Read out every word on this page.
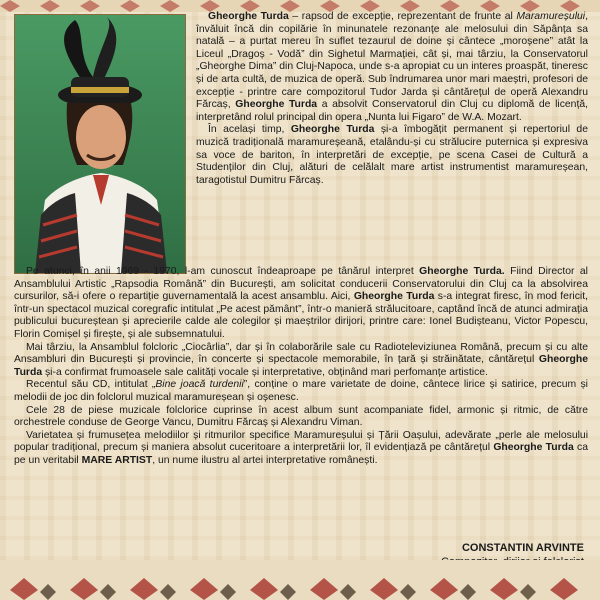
Gheorghe Turda – rapsod de excepție, reprezentant de frunte al Maramureșului, învăluit încă din copilărie în minunatele rezonanțe ale melosului din Săpânța sa natală – a purtat mereu în suflet tezaurul de doine și cântece „moroșene” atât la Liceul „Dragoș - Vodă” din Sighetul Marmației, cât și, mai târziu, la Conservatorul „Gheorghe Dima” din Cluj-Napoca, unde s-a apropiat cu un interes proaspăt, tineresc și de arta cultă, de muzica de operă. Sub îndrumarea unor mari maeștri, profesori de excepție - printre care compozitorul Tudor Jarda și cântărețul de operă Alexandru Fărcaș, Gheorghe Turda a absolvit Conservatorul din Cluj cu diplomă de licență, interpretând rolul principal din opera „Nunta lui Figaro” de W.A. Mozart.

În același timp, Gheorghe Turda și-a îmbogățit permanent și repertoriul de muzică tradițională maramureșeană, etalându-și cu strălucire puternica și expresiva sa voce de bariton, în interpretări de excepție, pe scena Casei de Cultură a Studenților din Cluj, alături de celălalt mare artist instrumentist maramureșean, taragotistul Dumitru Fărcaș.

Pe atunci, în anii 1969 - 1970, l-am cunoscut îndeaproape pe tânărul interpret Gheorghe Turda. Fiind Director al Ansamblului Artistic „Rapsodia Română” din București, am solicitat conducerii Conservatorului din Cluj ca la absolvirea cursurilor, să-i ofere o repartiție guvernamentală la acest ansamblu. Aici, Gheorghe Turda s-a integrat firesc, în mod fericit, într-un spectacol muzical coregrafic intitulat „Pe acest pământ”, într-o manieră strălucitoare, captând încă de atunci admirația publicului bucureștean și aprecierile calde ale colegilor și maeștrilor dirijori, printre care: Ionel Budișteanu, Victor Popescu, Florin Comișel și firește, și ale subsemnatului.

Mai târziu, la Ansamblul folcloric „Ciocârlia”, dar și în colaborările sale cu Radioteleviziunea Română, precum și cu alte Ansambluri din București și provincie, în concerte și spectacole memorabile, în țară și străinătate, cântărețul Gheorghe Turda și-a confirmat frumoasele sale calități vocale și interpretative, obținând mari perfomanțe artistice.

Recentul său CD, intitulat „Bine joacă turdenii”, conține o mare varietate de doine, cântece lirice și satirice, precum și melodii de joc din folclorul muzical maramureșean și oșenesc.

Cele 28 de piese muzicale folclorice cuprinse în acest album sunt acompaniate fidel, armonic și ritmic, de către orchestrele conduse de George Vancu, Dumitru Fărcaș și Alexandru Viman.

Varietatea și frumusețea melodiilor și ritmurilor specifice Maramureșului și Țării Oașului, adevărate „perle ale melosului popular tradițional, precum și maniera absolut cuceritoare a interpretării lor, îl evidențiază pe cântărețul Gheorghe Turda ca pe un veritabil MARE ARTIST, un nume ilustru al artei interpretative românești.

CONSTANTIN ARVINTE
